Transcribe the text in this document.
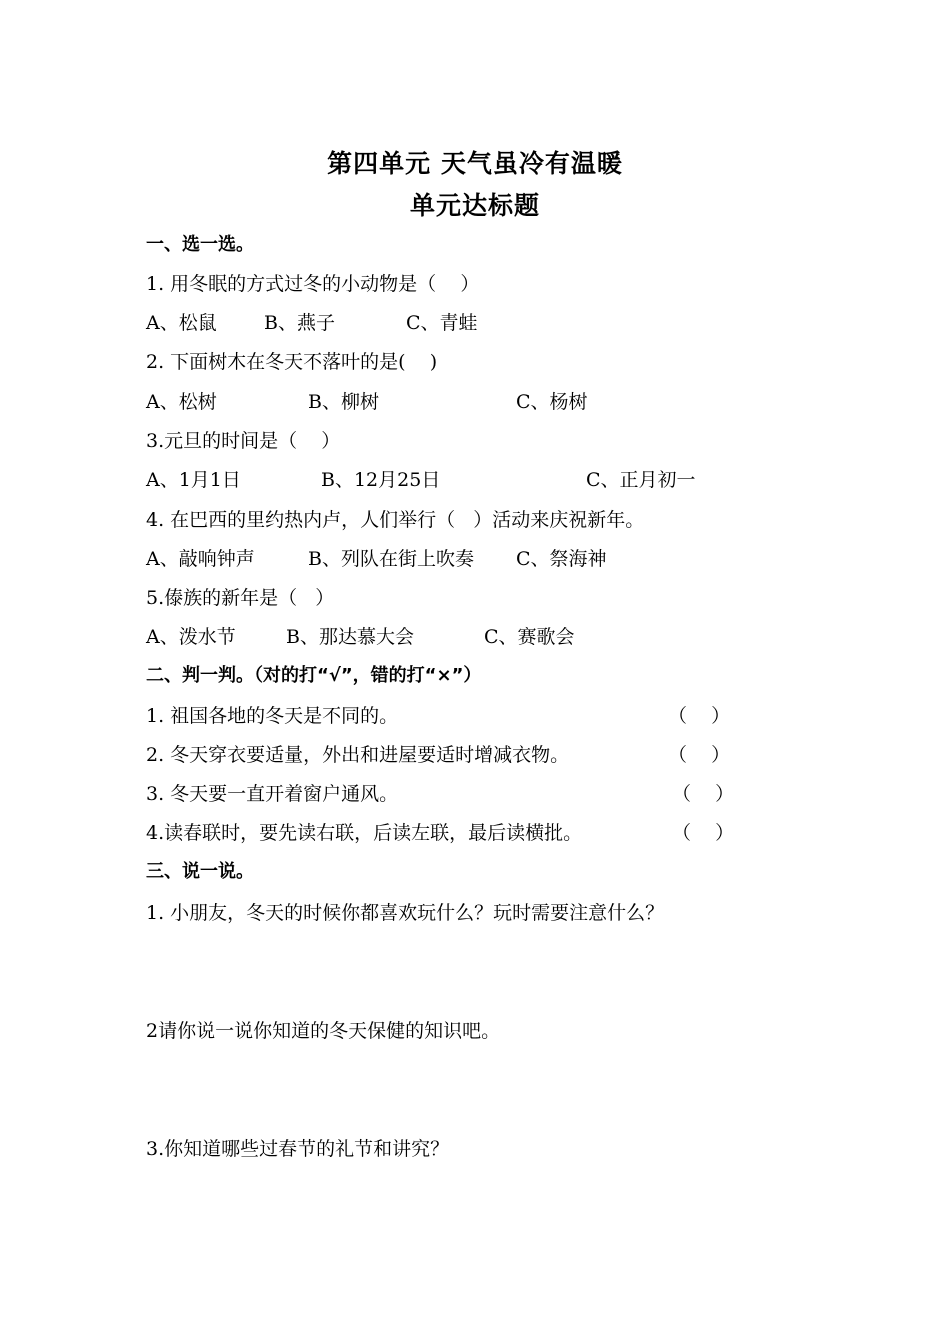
第四单元 天气虽冷有温暖
单元达标题
一、选一选。
1. 用冬眠的方式过冬的小动物是（    ）
A、松鼠 B、燕子	C、青蛙
2. 下面树木在冬天不落叶的是(    )
A、松树	B、柳树	C、杨树
3.元旦的时间是（    ）
A、1月1日	B、12月25日	C、正月初一
4. 在巴西的里约热内卢，人们举行（   ）活动来庆祝新年。
A、敲响钟声	B、列队在街上吹奏 C、祭海神
5.傣族的新年是（   ）
A、泼水节	B、那达慕大会	C、赛歌会
二、判一判。（对的打“√”，错的打“×”）
1. 祖国各地的冬天是不同的。	（    ）
2. 冬天穿衣要适量，外出和进屋要适时增减衣物。	（    ）
3. 冬天要一直开着窗户通风。	（    ）
4.读春联时，要先读右联，后读左联，最后读横批。	（    ）
三、说一说。
1. 小朋友，冬天的时候你都喜欢玩什么？玩时需要注意什么？
2请你说一说你知道的冬天保健的知识吧。
3.你知道哪些过春节的礼节和讲究？
